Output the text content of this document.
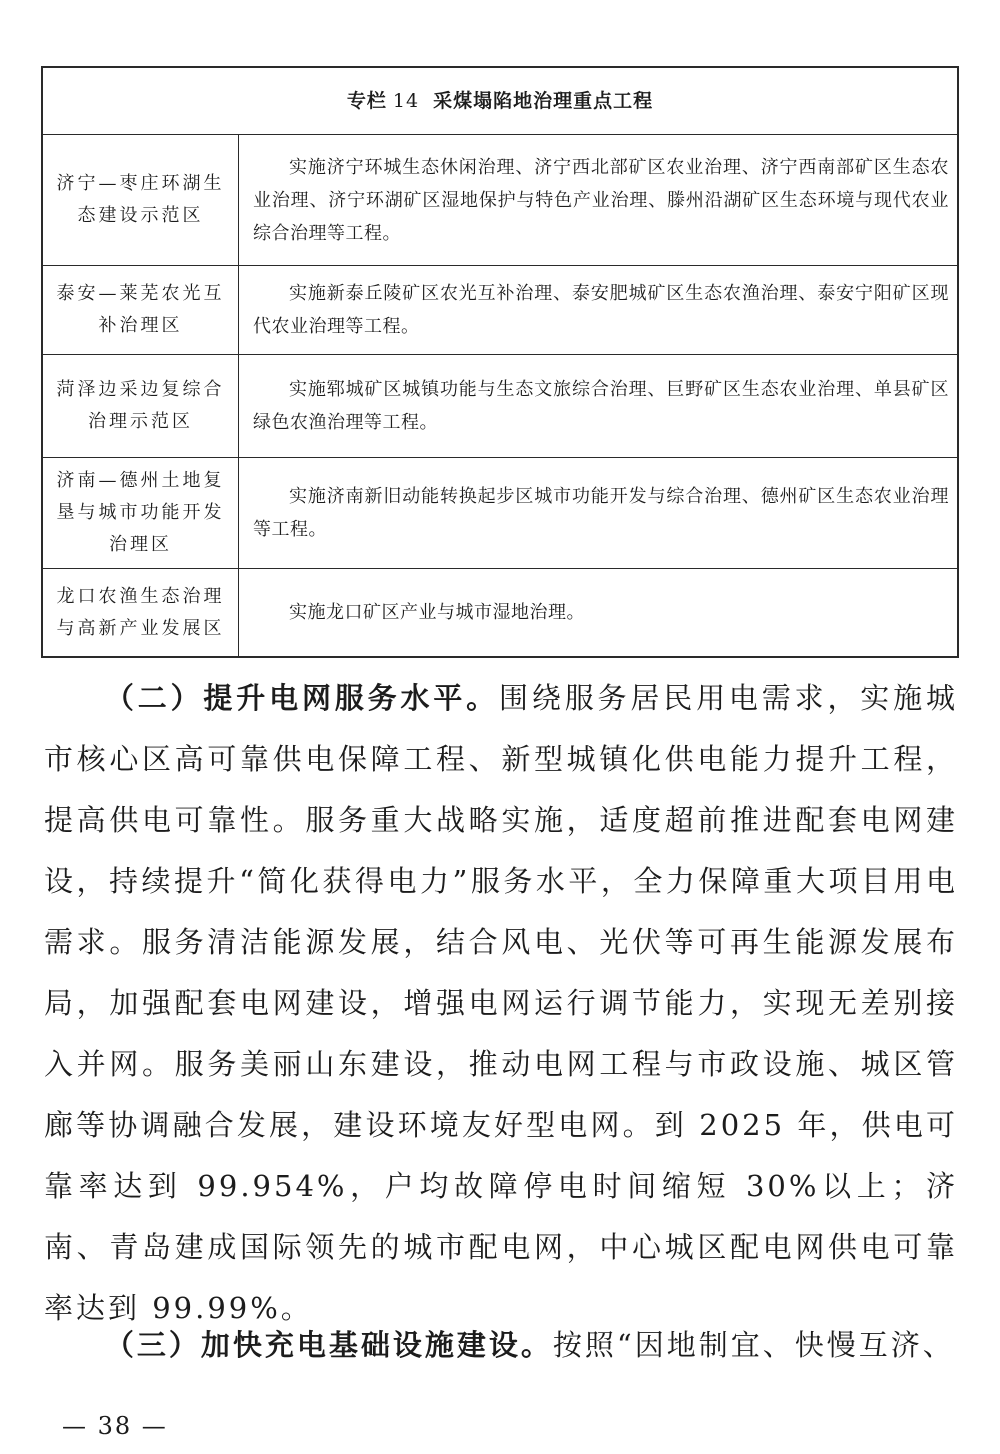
专栏 14 采煤塌陷地治理重点工程
济宁—枣庄环湖生态建设示范区

实施济宁环城生态休闲治理、济宁西北部矿区农业治理、济宁西南部矿区生态农业治理、济宁环湖矿区湿地保护与特色产业治理、滕州沿湖矿区生态环境与现代农业综合治理等工程。

泰安—莱芜农光互补治理区

实施新泰丘陵矿区农光互补治理、泰安肥城矿区生态农渔治理、泰安宁阳矿区现代农业治理等工程。

菏泽边采边复综合治理示范区

实施郓城矿区城镇功能与生态文旅综合治理、巨野矿区生态农业治理、单县矿区绿色农渔治理等工程。

济南—德州土地复垦与城市功能开发治理区

实施济南新旧动能转换起步区城市功能开发与综合治理、德州矿区生态农业治理等工程。

龙口农渔生态治理与高新产业发展区

实施龙口矿区产业与城市湿地治理。

（二）提升电网服务水平。围绕服务居民用电需求，实施城市核心区高可靠供电保障工程、新型城镇化供电能力提升工程，提高供电可靠性。服务重大战略实施，适度超前推进配套电网建设，持续提升“简化获得电力”服务水平，全力保障重大项目用电需求。服务清洁能源发展，结合风电、光伏等可再生能源发展布局，加强配套电网建设，增强电网运行调节能力，实现无差别接入并网。服务美丽山东建设，推动电网工程与市政设施、城区管廊等协调融合发展，建设环境友好型电网。到 2025 年，供电可靠率达到 99.954%，户均故障停电时间缩短 30%以上；济南、青岛建成国际领先的城市配电网，中心城区配电网供电可靠率达到 99.99%。

（三）加快充电基础设施建设。按照“因地制宜、快慢互济、

— 38 —
